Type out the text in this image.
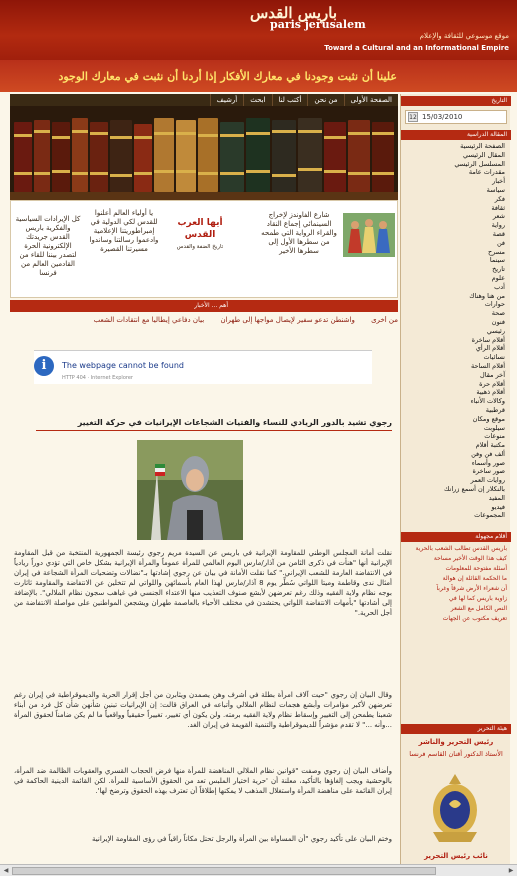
باريس القدس
paris jerusalem
موقع موسوعي للثقافة والإعلام
Toward a Cultural and an Informational Empire
علينا أن نثبت وجودنا في معارك الأفكار إذا أردنا أن نثبت في معارك الوجود
الصفحة الأولى
من نحن
أكتب لنا
ابحث
أرشيف
شارع الفاوندز لإخراج السينمائي إجماع النقاد والقراء الرواية التي طمحه من سطرها الأول إلى سطرها الأخير
أيها العرب القدس
تاريخ الضفة والقدس
يا أولياء العالم أعلنوا للقدس لكي الدولية في إمبراطوريتنا الإعلامية وادعموا رسالتنا وساندوا مسيرتنا القصيرة
كل الإيرادات السياسية والفكرية باريس القدس جريدتك الإلكترونية الحرة لتصدر بيننا للقاء من القادمين العالم من فرنسا
أهم ... الأخبار
من أخرى واشنطن تدعو سفير لإيصال مواجها إلى طهران بيان دفاعي إيطاليا مع انتقادات الشعب
i	The webpage cannot be found
HTTP 404 · Internet Explorer
رجوي تشيد بالدور الريادي للنساء والفتيات الشجاعات الإيرانيات في حركة التغيير
نقلت أمانة المجلس الوطني للمقاومة الإيرانية في باريس عن السيدة مريم رجوي رئيسة الجمهورية المنتخبة من قبل المقاومة الإيرانية أنها "هنأت في ذكرى الثامن من آذار/مارس اليوم العالمي للمرأة عموماً والمرأة الإيرانية بشكل خاص التي تؤدي دوراً ريادياً في الانتفاضة العارمة للشعب الإيراني." كما نقلت الأمانة في بيان عن رجوي إشادتها بـ"نضالات وتضحيات المرأة الشجاعة في إيران أمثال ندى وقاطمة وميتا اللواتي سُطِّر يوم 8 آذار/مارس لهذا العام بأسمائهن واللواتي لم تتخلين عن الانتفاضة والمقاومة ثاثارت بوجه نظام ولاية الفقيه وذلك رغم تعرضهن لأبشع صنوف التعذيب منها الاعتداء الجنسي في غياهب سجون نظام الملالي". بالإضافة إلى أشادتها "بأمهات الانتفاضة اللواتي يحتشدن في مختلف الأحياء بالعاصمة طهران ويشجعن المواطنين على مواصلة الانتفاضة من أجل الحرية."
وقال البيان إن رجوي "حيت آلاف امرأة بطلة في أشرف وهن يصمدن ويثابرن من أجل إقرار الحرية والديموقراطية في إيران رغم تعرضهن لأكبر مؤامرات وأبشع هجمات لنظام الملالي وأتباعه في العراق قالت: إن الإيرانيات تبنين شأنهن شأن كل فرد من أبناء شعبنا يطمحن إلى التغيير وإسقاط نظام ولاية الفقيه برمته. ولن يكون أي تغيير، تغييراً حقيقياً وواقعياً ما لم يكن ضامناً لحقوق المرأة ...وأنه ..." لا تقدم مؤشراً للديموقراطية والتنمية القويمة في إيران الغد.
وأضاف البيان إن رجوي وصفت "قوانين نظام الملالي المناهضة للمرأة منها فرض الحجاب القسري والعقوبات الظالمة ضد المرأة، بالوحشية ويجب إلغاؤها بالتأكيد، معلنة أن 'حرية اختيار الملبس تعد من الحقوق الأساسية للمرأة. لكن القائمة الدينية الحاكمة في إيران القائمة على مناهضة المرأة واستغلال المذهب لا يمكنها إطلاقاً أن تعترف بهذه الحقوق وترضخ لها'.
وختم البيان على تأكيد رجوي "أن المساواة بين المرأة والرجل تحتل مكاناً راقياً في رؤى المقاومة الإيرانية
التاريخ
12 15/03/2010
المقالة الدراسية
الصفحة الرئيسية
المقال الرئيسي
المسلسل الرئيسي
مقدرات عامة
أخبار
سياسة
فكر
ثقافة
شعر
رواية
قصة
فن
مسرح
سينما
تاريخ
علوم
أدب
من هنا وهناك
حوارات
صحة
فنون
رئيسي
أقلام ساخرة
أقلام الرأي
نسائيات
أقلام الساحة
آخر مقال
أقلام حرة
أقلام ذهبية
وكالات الأنباء
قرطبية
موقع ومكان
سيلوبت
منوعات
مكتبة أقلام
ألف فن وفن
صور وأسماء
صور ساخرة
روايات العمر
بالنكلار إن أسمع زرانك
المفيد
فيديو
المجموعات
أقلام مجهولة
باريس القدس تطالب الشعب بالحرية
كيف هذا الوقت الأخير مساحة
أسئلة مفتوحة للمعلومات
ما الحكمة القائلة إن هوالة
أن شعراء الأرض شرقاً وغرباً
زاوية باريس كما لها في
النص الكامل مع الشعر
تعريف مكتوب عن الجهات
هيئة التحرير
رئيس التحرير والناشر
الأستاذ الدكتور أقنان القاسم فرنسا
نائب رئيس التحرير
◀	▶
